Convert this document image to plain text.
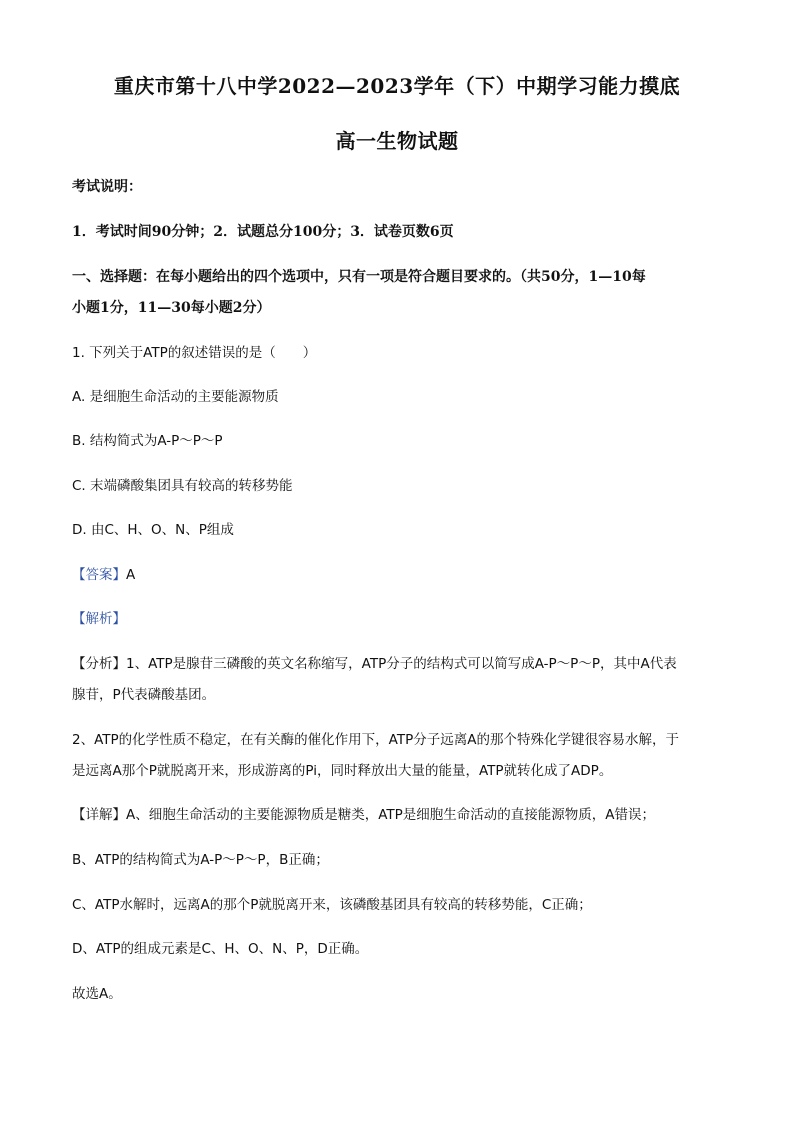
重庆市第十八中学2022—2023学年（下）中期学习能力摸底
高一生物试题
考试说明：
1．考试时间90分钟；2．试题总分100分；3．试卷页数6页
一、选择题：在每小题给出的四个选项中，只有一项是符合题目要求的。（共50分，1—10每
小题1分，11—30每小题2分）
1. 下列关于ATP的叙述错误的是（　　）
A. 是细胞生命活动的主要能源物质
B. 结构简式为A-P～P～P
C. 末端磷酸集团具有较高的转移势能
D. 由C、H、O、N、P组成
【答案】A
【解析】
【分析】1、ATP是腺苷三磷酸的英文名称缩写，ATP分子的结构式可以简写成A-P～P～P，其中A代表
腺苷，P代表磷酸基团。
2、ATP的化学性质不稳定，在有关酶的催化作用下，ATP分子远离A的那个特殊化学键很容易水解，于
是远离A那个P就脱离开来，形成游离的Pi，同时释放出大量的能量，ATP就转化成了ADP。
【详解】A、细胞生命活动的主要能源物质是糖类，ATP是细胞生命活动的直接能源物质，A错误；
B、ATP的结构简式为A-P～P～P，B正确；
C、ATP水解时，远离A的那个P就脱离开来，该磷酸基团具有较高的转移势能，C正确；
D、ATP的组成元素是C、H、O、N、P，D正确。
故选A。
